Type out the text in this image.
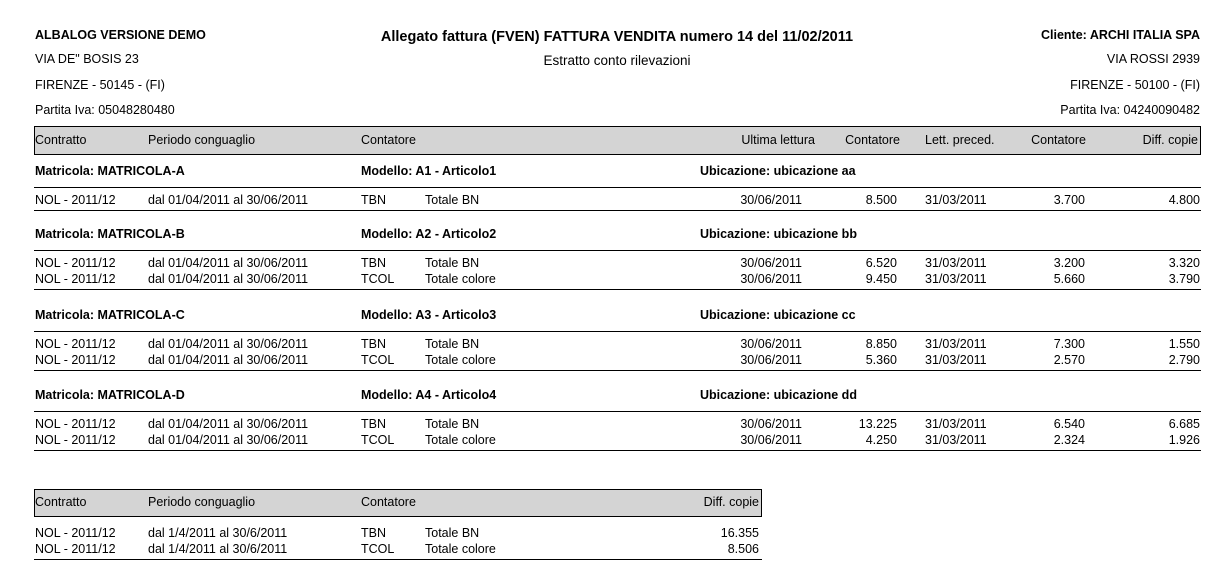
ALBALOG VERSIONE DEMO
VIA DE" BOSIS 23
FIRENZE - 50145 - (FI)
Partita Iva: 05048280480
Allegato fattura (FVEN) FATTURA VENDITA numero 14 del 11/02/2011
Estratto conto rilevazioni
Cliente: ARCHI ITALIA SPA
VIA ROSSI 2939
FIRENZE - 50100 - (FI)
Partita Iva: 04240090482
Contratto	Periodo conguaglio	Contatore	Ultima lettura Contatore Lett. preced.	Contatore	Diff. copie
Matricola: MATRICOLA-A	Modello: A1 - Articolo1	Ubicazione: ubicazione aa
NOL - 2011/12	dal 01/04/2011 al 30/06/2011	TBN	Totale BN	30/06/2011	8.500 31/03/2011	3.700	4.800
Matricola: MATRICOLA-B	Modello: A2 - Articolo2	Ubicazione: ubicazione bb
NOL - 2011/12	dal 01/04/2011 al 30/06/2011	TBN	Totale BN	30/06/2011	6.520 31/03/2011	3.200	3.320
NOL - 2011/12	dal 01/04/2011 al 30/06/2011	TCOL Totale colore	30/06/2011	9.450 31/03/2011	5.660	3.790
Matricola: MATRICOLA-C	Modello: A3 - Articolo3	Ubicazione: ubicazione cc
NOL - 2011/12	dal 01/04/2011 al 30/06/2011	TBN	Totale BN	30/06/2011	8.850 31/03/2011	7.300	1.550
NOL - 2011/12	dal 01/04/2011 al 30/06/2011	TCOL Totale colore	30/06/2011	5.360 31/03/2011	2.570	2.790
Matricola: MATRICOLA-D	Modello: A4 - Articolo4	Ubicazione: ubicazione dd
NOL - 2011/12	dal 01/04/2011 al 30/06/2011	TBN	Totale BN	30/06/2011	13.225 31/03/2011	6.540	6.685
NOL - 2011/12	dal 01/04/2011 al 30/06/2011	TCOL Totale colore	30/06/2011	4.250 31/03/2011	2.324	1.926
Contratto	Periodo conguaglio	Contatore	Diff. copie
NOL - 2011/12	dal 1/4/2011 al 30/6/2011	TBN	Totale BN	16.355
NOL - 2011/12	dal 1/4/2011 al 30/6/2011	TCOL Totale colore	8.506
